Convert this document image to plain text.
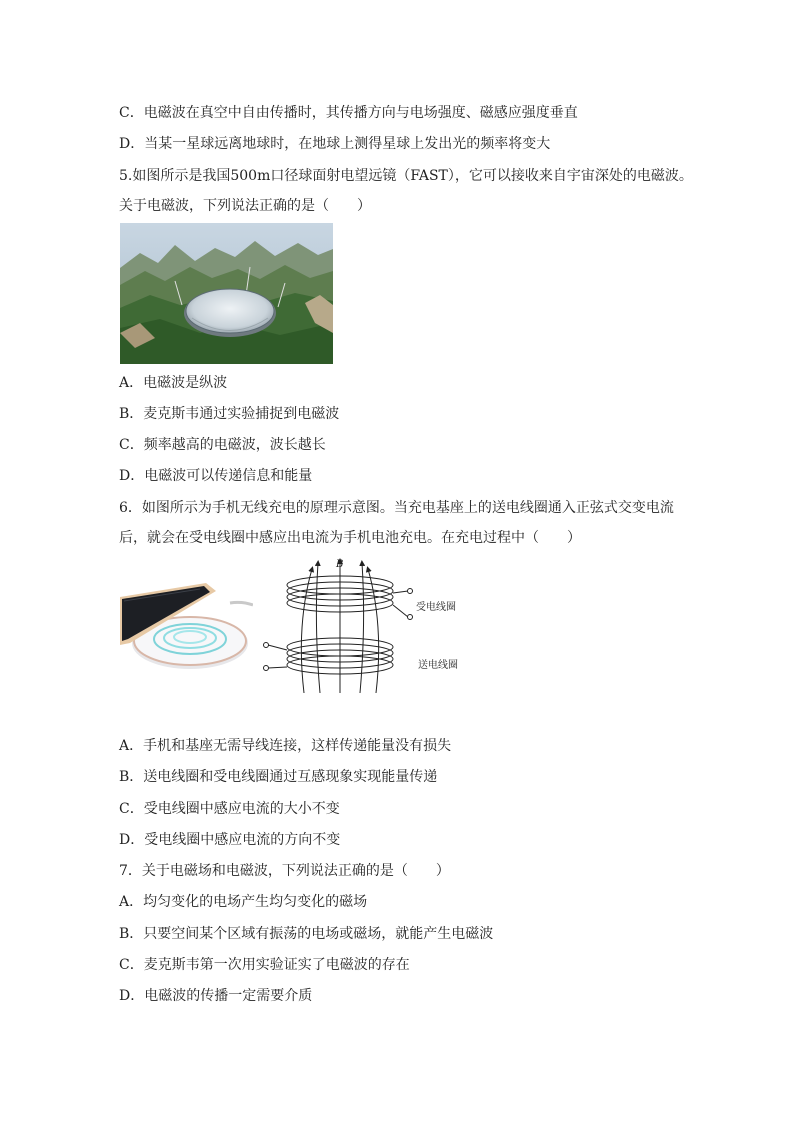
C．电磁波在真空中自由传播时，其传播方向与电场强度、磁感应强度垂直
D．当某一星球远离地球时，在地球上测得星球上发出光的频率将变大
5.如图所示是我国500m口径球面射电望远镜（FAST），它可以接收来自宇宙深处的电磁波。
关于电磁波，下列说法正确的是（　　）
A．电磁波是纵波
B．麦克斯韦通过实验捕捉到电磁波
C．频率越高的电磁波，波长越长
D．电磁波可以传递信息和能量
6．如图所示为手机无线充电的原理示意图。当充电基座上的送电线圈通入正弦式交变电流
后，就会在受电线圈中感应出电流为手机电池充电。在充电过程中（　　）
B
受电线圈
送电线圈
A．手机和基座无需导线连接，这样传递能量没有损失
B．送电线圈和受电线圈通过互感现象实现能量传递
C．受电线圈中感应电流的大小不变
D．受电线圈中感应电流的方向不变
7．关于电磁场和电磁波，下列说法正确的是（　　）
A．均匀变化的电场产生均匀变化的磁场
B．只要空间某个区域有振荡的电场或磁场，就能产生电磁波
C．麦克斯韦第一次用实验证实了电磁波的存在
D．电磁波的传播一定需要介质
